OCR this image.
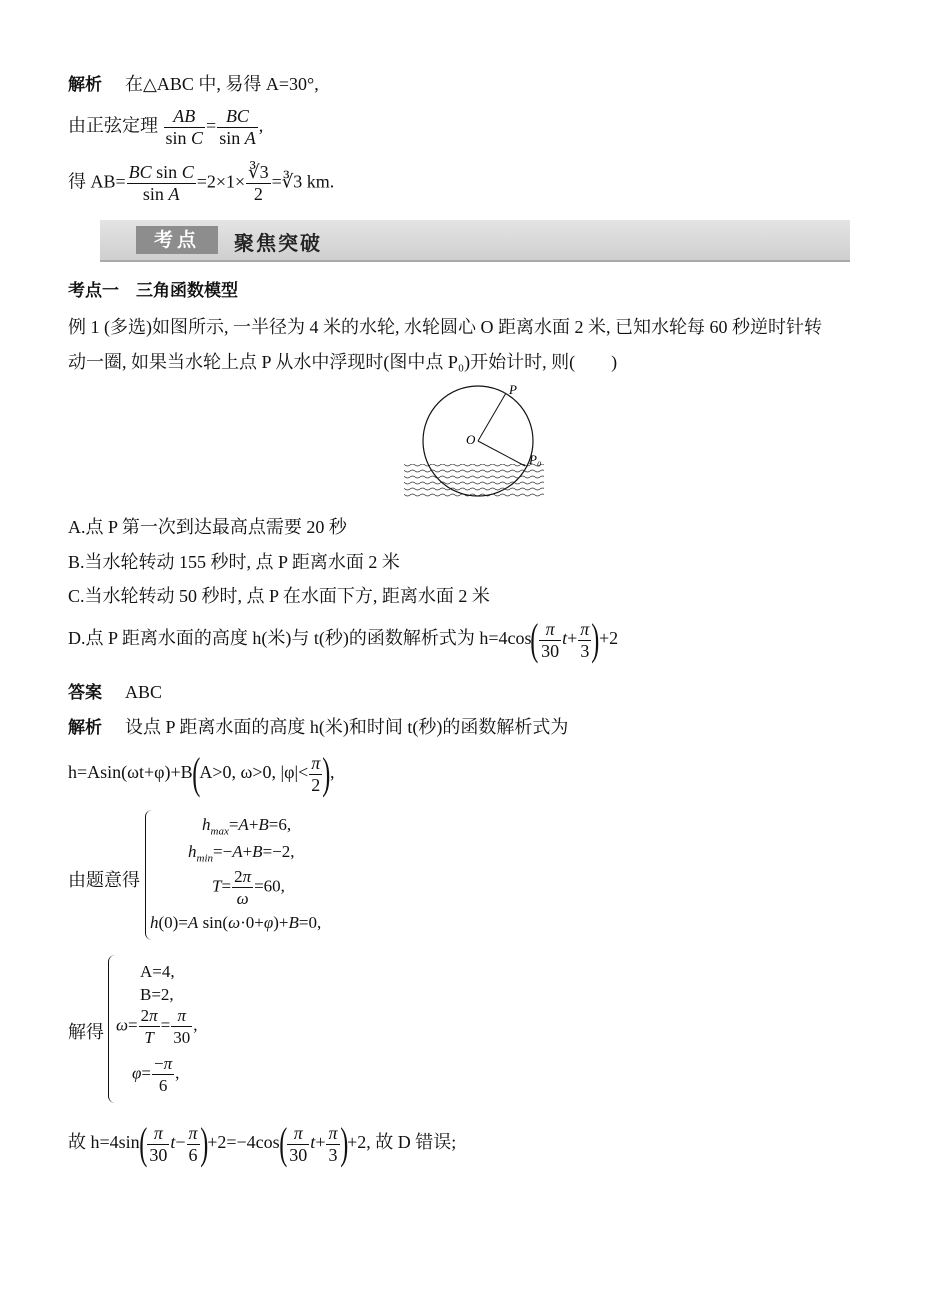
解析 在△ABC 中, 易得 A=30°,
由正弦定理 $\frac{AB}{\text{sin C}} = \frac{BC}{\text{sin A}}$ ,
得 $AB= \frac{\text{BC sin C}}{\text{sin A}} =2\times 1\times \frac{∛3}{2}$ =∛3 km.
考点	聚焦突破
考点一　三角函数模型
例 1 (多选)如图所示, 一半径为 4 米的水轮, 水轮圆心 O 距离水面 2 米, 已知水轮每 60 秒逆时针转
动一圈, 如果当水轮上点 P 从水中浮现时(图中点 P₀)开始计时, 则(　　)
O
P
P₀
A.点 P 第一次到达最高点需要 20 秒
B.当水轮转动 155 秒时, 点 P 距离水面 2 米
C.当水轮转动 50 秒时, 点 P 在水面下方, 距离水面 2 米
D.点 P 距离水面的高度 h(米)与 t(秒)的函数解析式为 $h=4\cos( \frac{\pi}{30} t+ \frac{\pi}{3} )+2$
答案 ABC
解析 设点 P 距离水面的高度 h(米)和时间 t(秒)的函数解析式为
h=Asin(ωt+φ)+B(A>0, ω>0, $|\varphi|< \frac{\pi}{2}$ ),
由题意得
$h_{max}=A+B=6$,
$h_{min}=-A+B=-2$,
$T= \frac{2\pi}{\omega} =60$,
h(0)=A sin(ω·0+φ)+B=0,
解得
A=4,
B=2,
$\omega= \frac{2\pi}{T} = \frac{\pi}{30}$ ,
$\varphi= \frac{-\pi}{6}$ ,
故 $h=4\sin( \frac{\pi}{30} t- \frac{\pi}{6} )+2=-4\cos( \frac{\pi}{30} t+ \frac{\pi}{3} )+2$, 故 D 错误;
